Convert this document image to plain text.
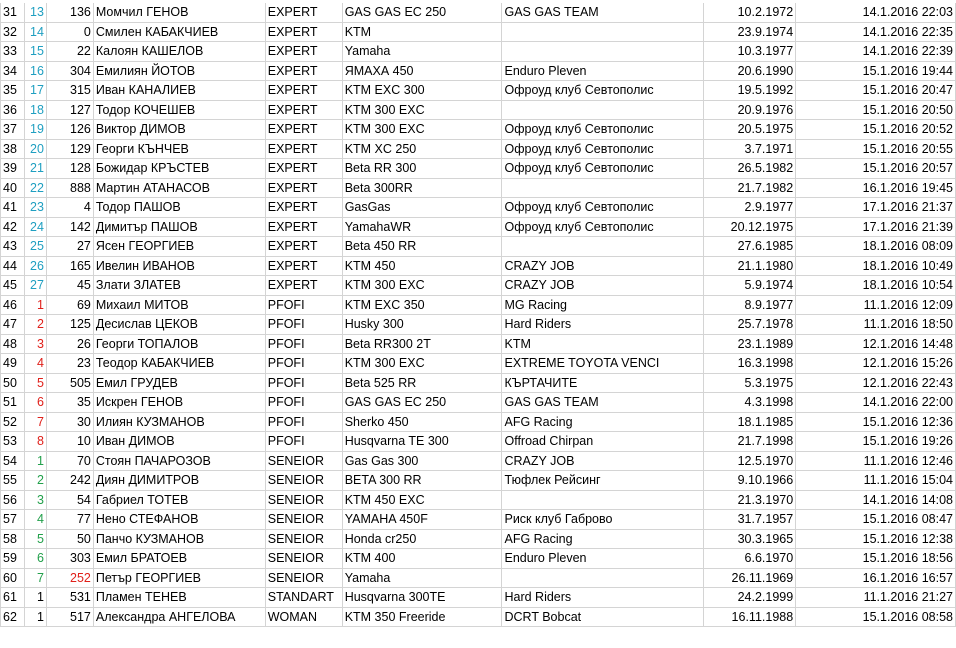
31	13	136	Момчил ГЕНОВ	EXPERT	GAS GAS EC 250	GAS GAS TEAM	10.2.1972	14.1.2016 22:03
32	14	0	Смилен КАБАКЧИЕВ	EXPERT	KTM		23.9.1974	14.1.2016 22:35
33	15	22	Калоян КАШЕЛОВ	EXPERT	Yamaha		10.3.1977	14.1.2016 22:39
34	16	304	Емилиян ЙОТОВ	EXPERT	ЯМАХА 450	Enduro Pleven	20.6.1990	15.1.2016 19:44
35	17	315	Иван КАНАЛИЕВ	EXPERT	KTM EXC 300	Офроуд клуб Севтополис	19.5.1992	15.1.2016 20:47
36	18	127	Тодор КОЧЕШЕВ	EXPERT	KTM 300 EXC		20.9.1976	15.1.2016 20:50
37	19	126	Виктор ДИМОВ	EXPERT	KTM 300 EXC	Офроуд клуб Севтополис	20.5.1975	15.1.2016 20:52
38	20	129	Георги КЪНЧЕВ	EXPERT	KTM XC 250	Офроуд клуб Севтополис	3.7.1971	15.1.2016 20:55
39	21	128	Божидар КРЪСТЕВ	EXPERT	Beta RR 300	Офроуд клуб Севтополис	26.5.1982	15.1.2016 20:57
40	22	888	Мартин АТАНАСОВ	EXPERT	Beta 300RR		21.7.1982	16.1.2016 19:45
41	23	4	Тодор ПАШОВ	EXPERT	GasGas	Офроуд клуб Севтополис	2.9.1977	17.1.2016 21:37
42	24	142	Димитър ПАШОВ	EXPERT	YamahaWR	Офроуд клуб Севтополис	20.12.1975	17.1.2016 21:39
43	25	27	Ясен ГЕОРГИЕВ	EXPERT	Beta 450 RR		27.6.1985	18.1.2016 08:09
44	26	165	Ивелин ИВАНОВ	EXPERT	KTM 450	CRAZY JOB	21.1.1980	18.1.2016 10:49
45	27	45	Злати ЗЛАТЕВ	EXPERT	KTM 300 EXC	CRAZY JOB	5.9.1974	18.1.2016 10:54
46	1	69	Михаил МИТОВ	PFOFI	KTM EXC 350	MG Racing	8.9.1977	11.1.2016 12:09
47	2	125	Десислав ЦЕКОВ	PFOFI	Husky 300	Hard Riders	25.7.1978	11.1.2016 18:50
48	3	26	Георги ТОПАЛОВ	PFOFI	Beta RR300 2T	KTM	23.1.1989	12.1.2016 14:48
49	4	23	Теодор КАБАКЧИЕВ	PFOFI	KTM 300 EXC	EXTREME TOYOTA VENCI	16.3.1998	12.1.2016 15:26
50	5	505	Емил ГРУДЕВ	PFOFI	Beta 525 RR	КЪРТАЧИТЕ	5.3.1975	12.1.2016 22:43
51	6	35	Искрен ГЕНОВ	PFOFI	GAS GAS EC 250	GAS GAS TEAM	4.3.1998	14.1.2016 22:00
52	7	30	Илиян КУЗМАНОВ	PFOFI	Sherko 450	AFG Racing	18.1.1985	15.1.2016 12:36
53	8	10	Иван ДИМОВ	PFOFI	Husqvarna TE 300	Offroad Chirpan	21.7.1998	15.1.2016 19:26
54	1	70	Стоян ПАЧАРОЗОВ	SENEIOR	Gas Gas 300	CRAZY JOB	12.5.1970	11.1.2016 12:46
55	2	242	Диян ДИМИТРОВ	SENEIOR	BETA 300 RR	Тюфлек Рейсинг	9.10.1966	11.1.2016 15:04
56	3	54	Габриел ТОТЕВ	SENEIOR	KTM 450 EXC		21.3.1970	14.1.2016 14:08
57	4	77	Нено СТЕФАНОВ	SENEIOR	YAMAHA 450F	Риск клуб Габрово	31.7.1957	15.1.2016 08:47
58	5	50	Панчо КУЗМАНОВ	SENEIOR	Honda cr250	AFG Racing	30.3.1965	15.1.2016 12:38
59	6	303	Емил БРАТОЕВ	SENEIOR	KTM 400	Enduro Pleven	6.6.1970	15.1.2016 18:56
60	7	252	Петър ГЕОРГИЕВ	SENEIOR	Yamaha		26.11.1969	16.1.2016 16:57
61	1	531	Пламен ТЕНЕВ	STANDART	Husqvarna 300TE	Hard Riders	24.2.1999	11.1.2016 21:27
62	1	517	Александра АНГЕЛОВА	WOMAN	KTM 350 Freeride	DCRT Bobcat	16.11.1988	15.1.2016 08:58
